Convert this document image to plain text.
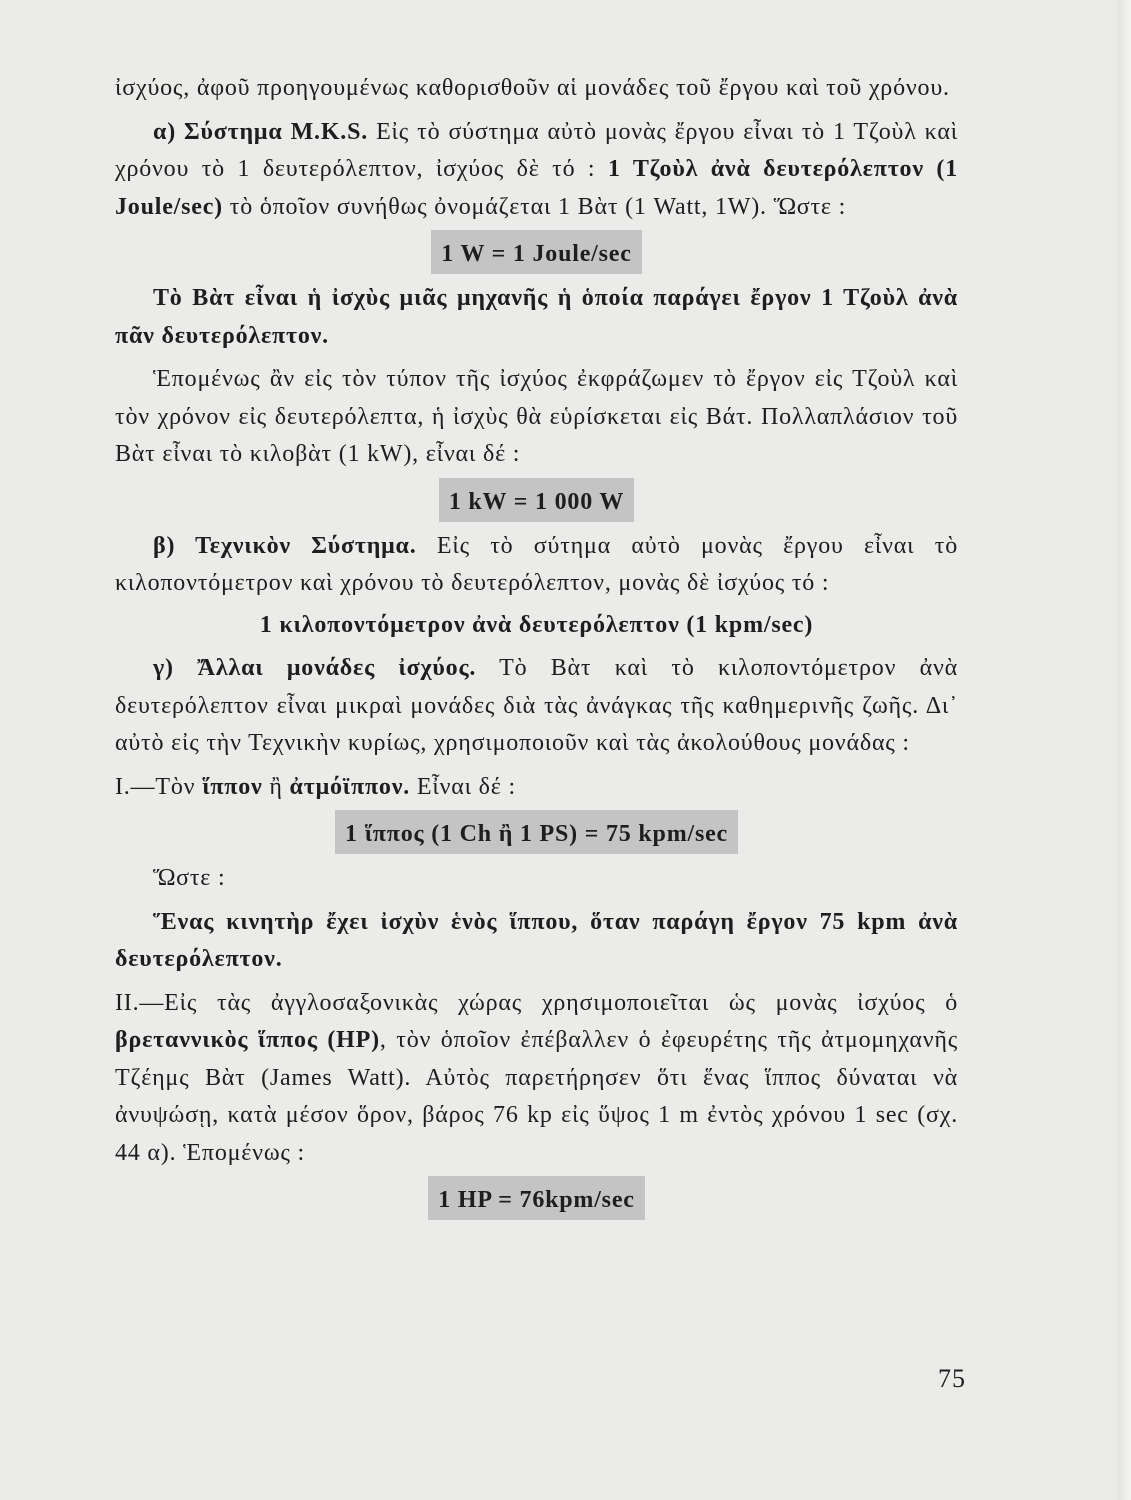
ἰσχύος, ἀφοῦ προηγουμένως καθορισθοῦν αἱ μονάδες τοῦ ἔργου καὶ τοῦ χρόνου.

α) Σύστημα M.K.S. Εἰς τὸ σύστημα αὐτὸ μονὰς ἔργου εἶναι τὸ 1 Τζοὺλ καὶ χρόνου τὸ 1 δευτερόλεπτον, ἰσχύος δὲ τό : 1 Τζοὺλ ἀνὰ δευτερόλεπτον (1 Joule/sec) τὸ ὁποῖον συνήθως ὀνομάζεται 1 Βὰτ (1 Watt, 1W). Ὥστε :

1 W = 1 Joule/sec

Τὸ Βὰτ εἶναι ἡ ἰσχὺς μιᾶς μηχανῆς ἡ ὁποία παράγει ἔργον 1 Τζοὺλ ἀνὰ πᾶν δευτερόλεπτον.

Ἑπομένως ἂν εἰς τὸν τύπον τῆς ἰσχύος ἐκφράζωμεν τὸ ἔργον εἰς Τζοὺλ καὶ τὸν χρόνον εἰς δευτερόλεπτα, ἡ ἰσχὺς θὰ εὑρίσκεται εἰς Βάτ. Πολλαπλάσιον τοῦ Βὰτ εἶναι τὸ κιλοβὰτ (1 kW), εἶναι δέ :

1 kW = 1 000 W

β) Τεχνικὸν Σύστημα. Εἰς τὸ σύτημα αὐτὸ μονὰς ἔργου εἶναι τὸ κιλοποντόμετρον καὶ χρόνου τὸ δευτερόλεπτον, μονὰς δὲ ἰσχύος τό :

1 κιλοποντόμετρον ἀνὰ δευτερόλεπτον (1 kpm/sec)

γ) Ἄλλαι μονάδες ἰσχύος. Τὸ Βὰτ καὶ τὸ κιλοποντόμετρον ἀνὰ δευτερόλεπτον εἶναι μικραὶ μονάδες διὰ τὰς ἀνάγκας τῆς καθημερινῆς ζωῆς. Δι᾽ αὐτὸ εἰς τὴν Τεχνικὴν κυρίως, χρησιμοποιοῦν καὶ τὰς ἀκολούθους μονάδας :

I.—Τὸν ἵππον ἢ ἀτμόϊππον. Εἶναι δέ :

1 ἵππος (1 Ch ἢ 1 PS) = 75 kpm/sec

Ὥστε :

Ἕνας κινητὴρ ἔχει ἰσχὺν ἑνὸς ἵππου, ὅταν παράγη ἔργον 75 kpm ἀνὰ δευτερόλεπτον.

II.—Εἰς τὰς ἀγγλοσαξονικὰς χώρας χρησιμοποιεῖται ὡς μονὰς ἰσχύος ὁ βρεταννικὸς ἵππος (HP), τὸν ὁποῖον ἐπέβαλλεν ὁ ἐφευρέτης τῆς ἀτμομηχανῆς Τζέημς Βὰτ (James Watt). Αὐτὸς παρετήρησεν ὅτι ἕνας ἵππος δύναται νὰ ἀνυψώσῃ, κατὰ μέσον ὅρον, βάρος 76 kp εἰς ὕψος 1 m ἐντὸς χρόνου 1 sec (σχ. 44 α). Ἑπομένως :

1 HP = 76kpm/sec

75
